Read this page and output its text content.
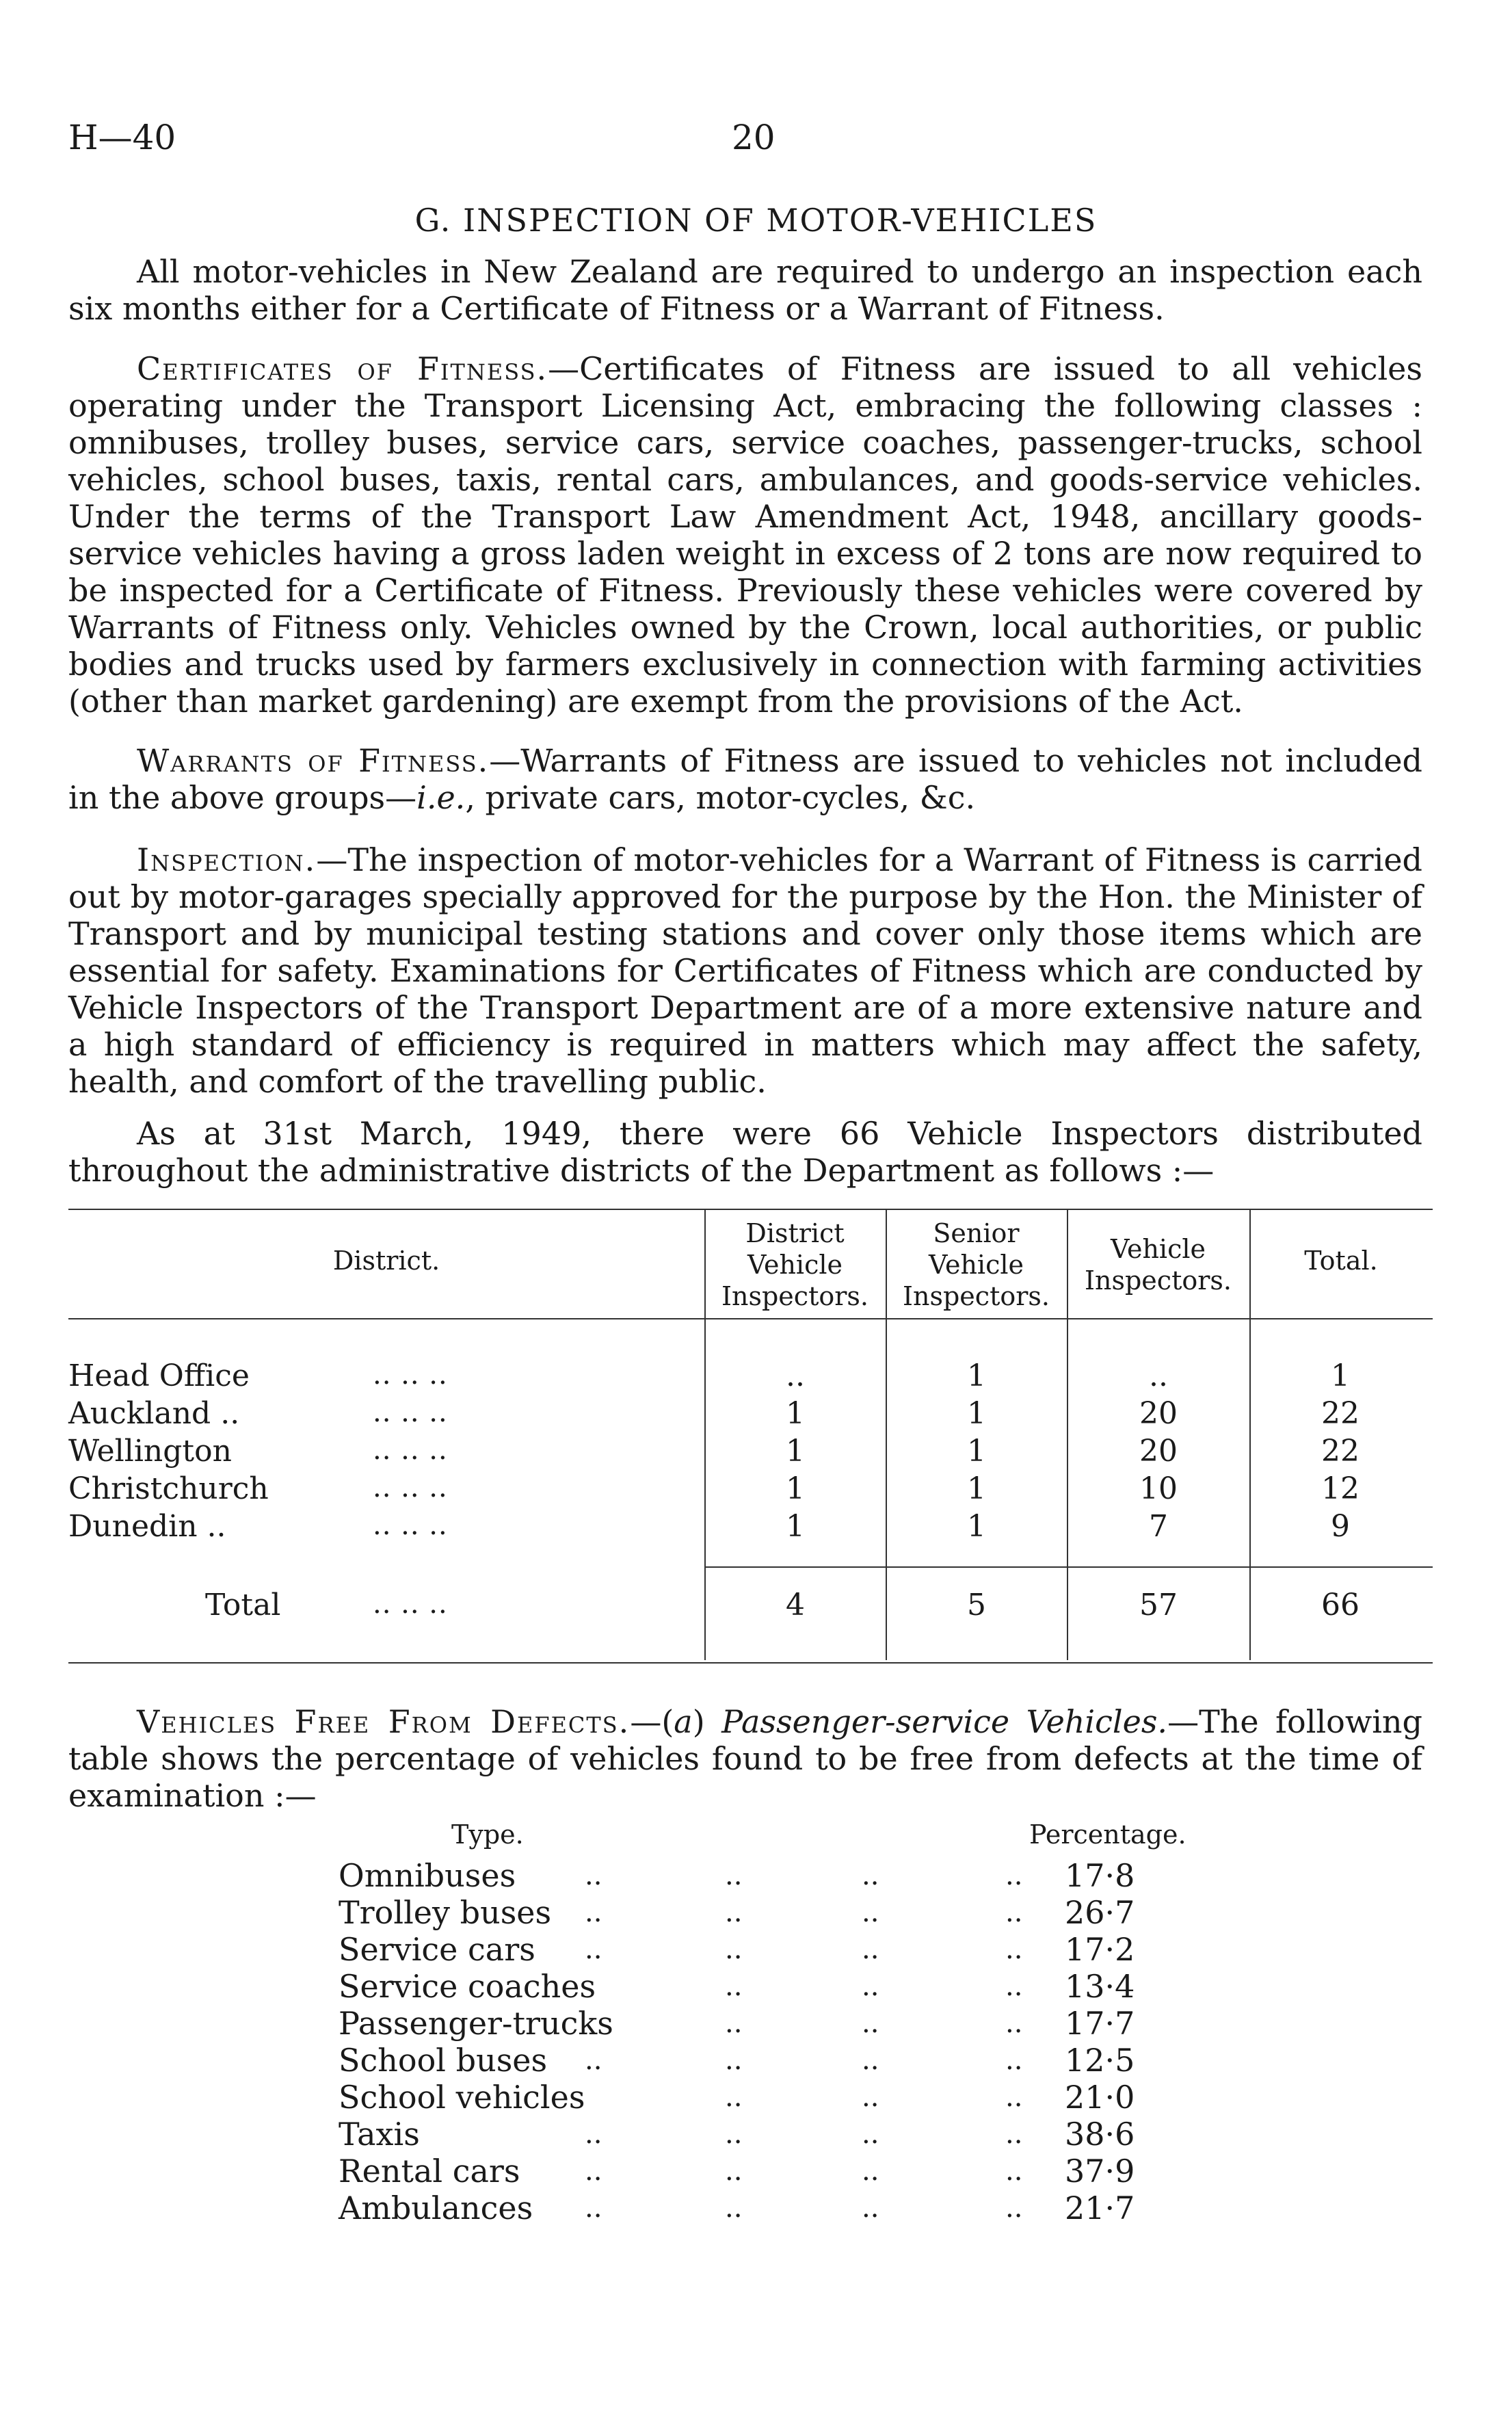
H—40	20
G. INSPECTION OF MOTOR-VEHICLES

All motor-vehicles in New Zealand are required to undergo an inspection each six months either for a Certificate of Fitness or a Warrant of Fitness.

Certificates of Fitness.—Certificates of Fitness are issued to all vehicles operating under the Transport Licensing Act, embracing the following classes : omnibuses, trolley buses, service cars, service coaches, passenger-trucks, school vehicles, school buses, taxis, rental cars, ambulances, and goods-service vehicles. Under the terms of the Transport Law Amendment Act, 1948, ancillary goods-service vehicles having a gross laden weight in excess of 2 tons are now required to be inspected for a Certificate of Fitness. Previously these vehicles were covered by Warrants of Fitness only. Vehicles owned by the Crown, local authorities, or public bodies and trucks used by farmers exclusively in connection with farming activities (other than market gardening) are exempt from the provisions of the Act.

Warrants of Fitness.—Warrants of Fitness are issued to vehicles not included in the above groups—i.e., private cars, motor-cycles, &c.

Inspection.—The inspection of motor-vehicles for a Warrant of Fitness is carried out by motor-garages specially approved for the purpose by the Hon. the Minister of Transport and by municipal testing stations and cover only those items which are essential for safety. Examinations for Certificates of Fitness which are conducted by Vehicle Inspectors of the Transport Department are of a more extensive nature and a high standard of efficiency is required in matters which may affect the safety, health, and comfort of the travelling public.

As at 31st March, 1949, there were 66 Vehicle Inspectors distributed throughout the administrative districts of the Department as follows :—

District.
District
Vehicle
Inspectors.
Senior
Vehicle
Inspectors.
Vehicle
Inspectors.
Total.
Head Office	.. .. ..	..	1	..	1
Auckland ..	.. .. ..	1	1	20	22
Wellington	.. .. ..	1	1	20	22
Christchurch	.. .. ..	1	1	10	12
Dunedin ..	.. .. ..	1	1	7	9
Total	.. .. ..	4	5	57	66

Vehicles Free From Defects.—(a) Passenger-service Vehicles.—The following table shows the percentage of vehicles found to be free from defects at the time of examination :—

Type.	Percentage.
Omnibuses	..	..	..	.. 17·8
Trolley buses ..	..	..	.. 26·7
Service cars ..	..	..	.. 17·2
Service coaches	..	..	.. 13·4
Passenger-trucks	..	..	.. 17·7
School buses ..	..	..	.. 12·5
School vehicles	..	..	.. 21·0
Taxis	..	..	..	.. 38·6
Rental cars ..	..	..	.. 37·9
Ambulances ..	..	..	.. 21·7
